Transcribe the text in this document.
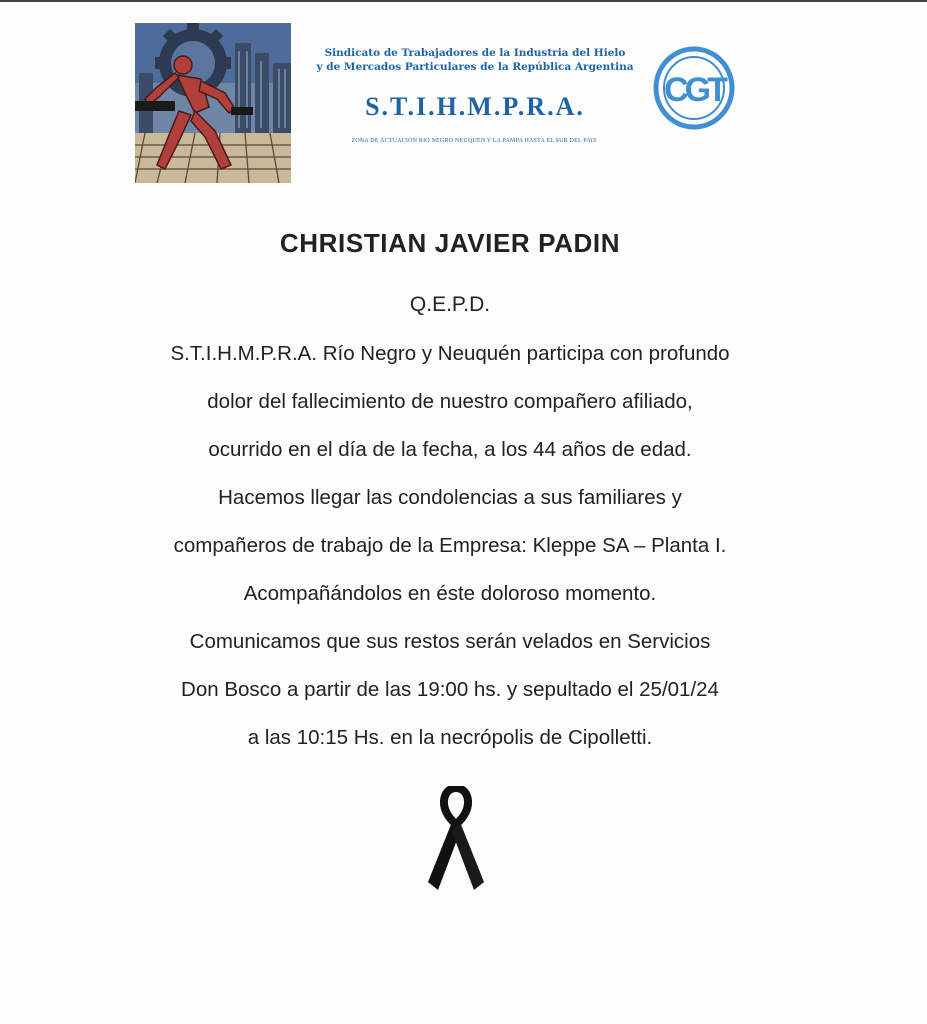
Sindicato de Trabajadores de la Industria del Hielo
y de Mercados Particulares de la República Argentina
S.T.I.H.M.P.R.A.
ZONA DE ACTUACION RIO NEGRO NEUQUEN Y LA PAMPA HASTA EL SUR DEL PAIS
CGT
CHRISTIAN JAVIER PADIN
Q.E.P.D.
S.T.I.H.M.P.R.A. Río Negro y Neuquén participa con profundo
dolor del fallecimiento de nuestro compañero afiliado,
ocurrido en el día de la fecha, a los 44 años de edad.
Hacemos llegar las condolencias a sus familiares y
compañeros de trabajo de la Empresa: Kleppe SA – Planta I.
Acompañándolos en éste doloroso momento.
Comunicamos que sus restos serán velados en Servicios
Don Bosco a partir de las 19:00 hs. y sepultado el 25/01/24
a las 10:15 Hs. en la necrópolis de Cipolletti.
